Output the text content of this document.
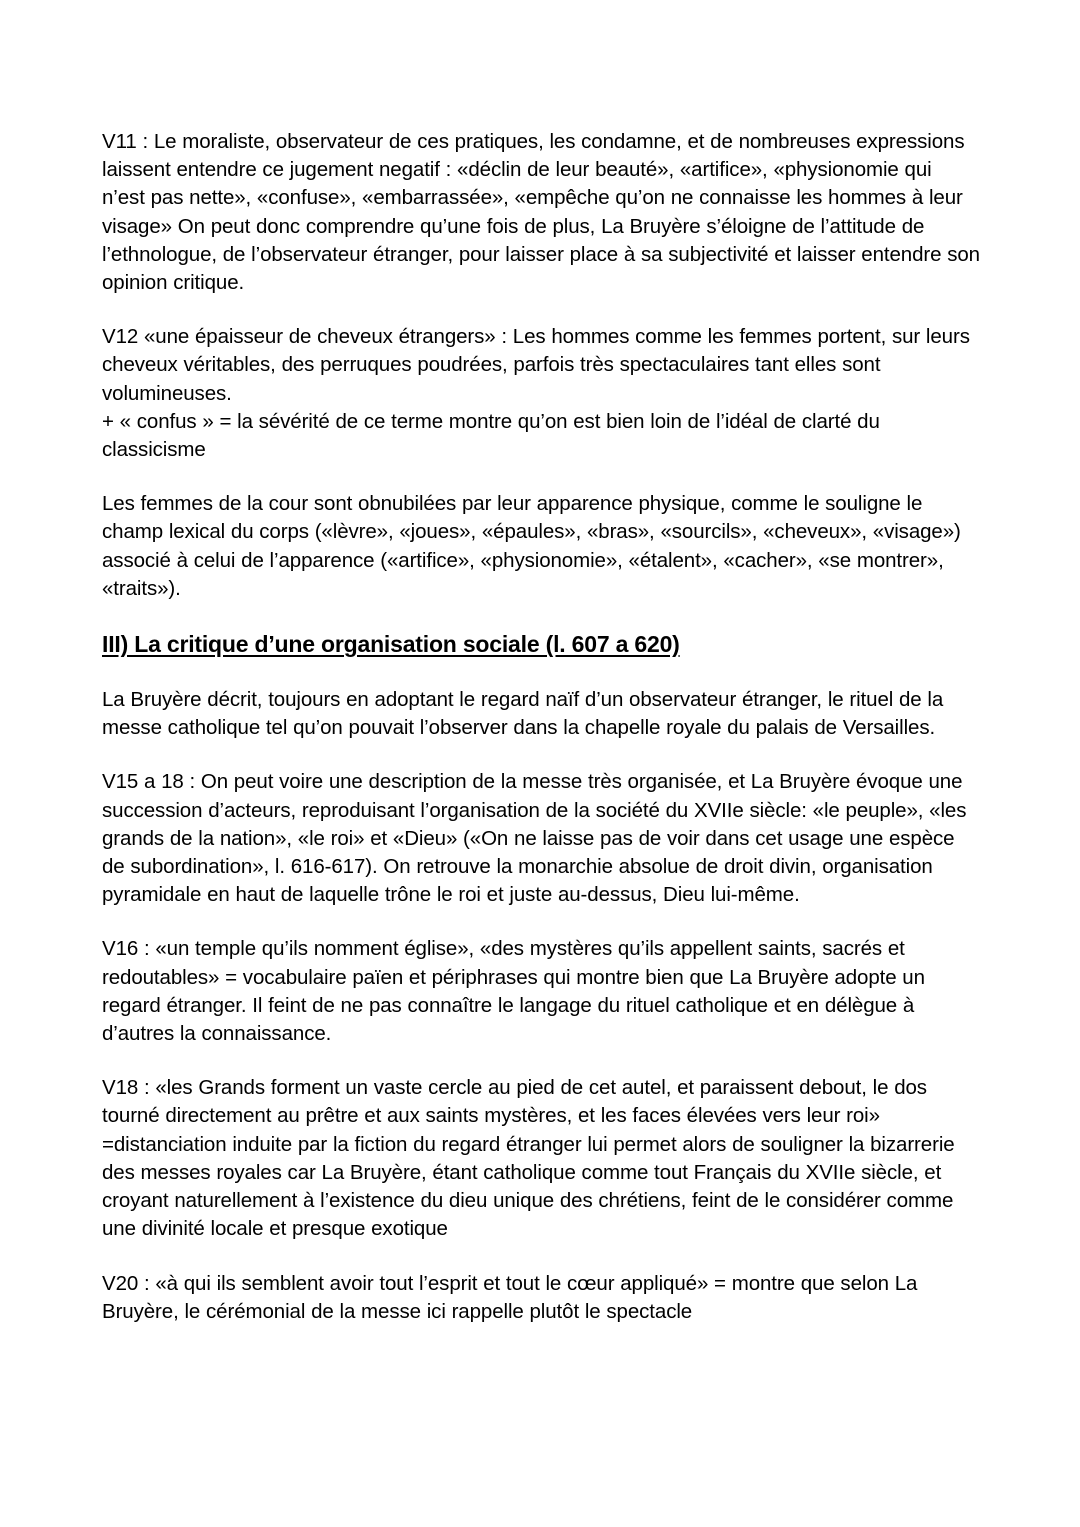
V11 : Le moraliste, observateur de ces pratiques, les condamne, et de nombreuses expressions laissent entendre ce jugement negatif : «déclin de leur beauté», «artifice», «physionomie qui n’est pas nette», «confuse», «embarrassée», «empêche qu’on ne connaisse les hommes à leur visage» On peut donc comprendre qu’une fois de plus, La Bruyère s’éloigne de l’attitude de l’ethnologue, de l’observateur étranger, pour laisser place à sa subjectivité et laisser entendre son opinion critique.

V12 «une épaisseur de cheveux étrangers» : Les hommes comme les femmes portent, sur leurs cheveux véritables, des perruques poudrées, parfois très spectaculaires tant elles sont volumineuses.

+ « confus » = la sévérité de ce terme montre qu’on est bien loin de l’idéal de clarté du classicisme

Les femmes de la cour sont obnubilées par leur apparence physique, comme le souligne le champ lexical du corps («lèvre», «joues», «épaules», «bras», «sourcils», «cheveux», «visage») associé à celui de l’apparence («artifice», «physionomie», «étalent», «cacher», «se montrer», «traits»).

III) La critique d’une organisation sociale (l. 607 a 620)

La Bruyère décrit, toujours en adoptant le regard naïf d’un observateur étranger, le rituel de la messe catholique tel qu’on pouvait l’observer dans la chapelle royale du palais de Versailles.

V15 a 18 : On peut voire une description de la messe très organisée, et La Bruyère évoque une succession d’acteurs, reproduisant l’organisation de la société du XVIIe siècle: «le peuple», «les grands de la nation», «le roi» et «Dieu» («On ne laisse pas de voir dans cet usage une espèce de subordination», l. 616-617). On retrouve la monarchie absolue de droit divin, organisation pyramidale en haut de laquelle trône le roi et juste au-dessus, Dieu lui-même.

V16 : «un temple qu’ils nomment église», «des mystères qu’ils appellent saints, sacrés et redoutables» = vocabulaire païen et périphrases qui montre bien que La Bruyère adopte un regard étranger. Il feint de ne pas connaître le langage du rituel catholique et en délègue à d’autres la connaissance.

V18 : «les Grands forment un vaste cercle au pied de cet autel, et paraissent debout, le dos tourné directement au prêtre et aux saints mystères, et les faces élevées vers leur roi» =distanciation induite par la fiction du regard étranger lui permet alors de souligner la bizarrerie des messes royales car La Bruyère, étant catholique comme tout Français du XVIIe siècle, et croyant naturellement à l’existence du dieu unique des chrétiens, feint de le considérer comme une divinité locale et presque exotique

V20 : «à qui ils semblent avoir tout l’esprit et tout le cœur appliqué» = montre que selon La Bruyère, le cérémonial de la messe ici rappelle plutôt le spectacle
